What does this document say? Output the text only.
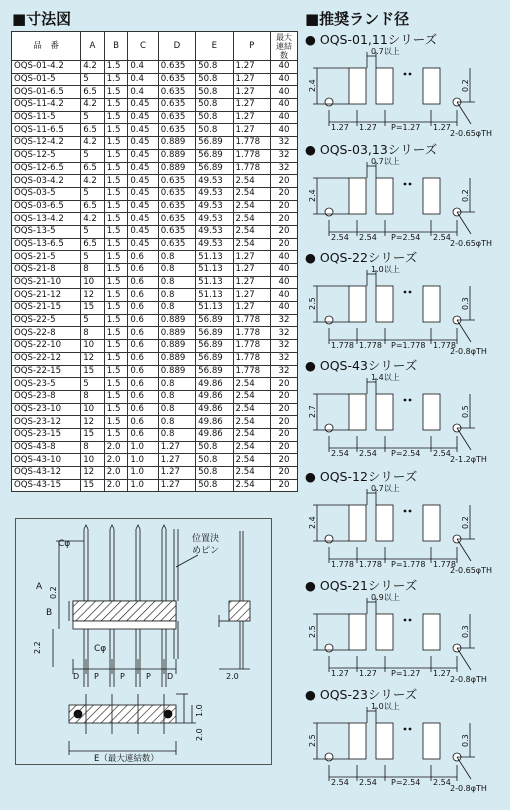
■寸法図	■推奨ランド径
品　番	A	B	C	D	E	P	最大連結数
OQS-01-4.2	4.2	1.5	0.4	0.635	50.8	1.27	40
OQS-01-5	5	1.5	0.4	0.635	50.8	1.27	40
OQS-01-6.5	6.5	1.5	0.4	0.635	50.8	1.27	40
OQS-11-4.2	4.2	1.5	0.45	0.635	50.8	1.27	40
OQS-11-5	5	1.5	0.45	0.635	50.8	1.27	40
OQS-11-6.5	6.5	1.5	0.45	0.635	50.8	1.27	40
OQS-12-4.2	4.2	1.5	0.45	0.889	56.89	1.778	32
OQS-12-5	5	1.5	0.45	0.889	56.89	1.778	32
OQS-12-6.5	6.5	1.5	0.45	0.889	56.89	1.778	32
OQS-03-4.2	4.2	1.5	0.45	0.635	49.53	2.54	20
OQS-03-5	5	1.5	0.45	0.635	49.53	2.54	20
OQS-03-6.5	6.5	1.5	0.45	0.635	49.53	2.54	20
OQS-13-4.2	4.2	1.5	0.45	0.635	49.53	2.54	20
OQS-13-5	5	1.5	0.45	0.635	49.53	2.54	20
OQS-13-6.5	6.5	1.5	0.45	0.635	49.53	2.54	20
OQS-21-5	5	1.5	0.6	0.8	51.13	1.27	40
OQS-21-8	8	1.5	0.6	0.8	51.13	1.27	40
OQS-21-10	10	1.5	0.6	0.8	51.13	1.27	40
OQS-21-12	12	1.5	0.6	0.8	51.13	1.27	40
OQS-21-15	15	1.5	0.6	0.8	51.13	1.27	40
OQS-22-5	5	1.5	0.6	0.889	56.89	1.778	32
OQS-22-8	8	1.5	0.6	0.889	56.89	1.778	32
OQS-22-10	10	1.5	0.6	0.889	56.89	1.778	32
OQS-22-12	12	1.5	0.6	0.889	56.89	1.778	32
OQS-22-15	15	1.5	0.6	0.889	56.89	1.778	32
OQS-23-5	5	1.5	0.6	0.8	49.86	2.54	20
OQS-23-8	8	1.5	0.6	0.8	49.86	2.54	20
OQS-23-10	10	1.5	0.6	0.8	49.86	2.54	20
OQS-23-12	12	1.5	0.6	0.8	49.86	2.54	20
OQS-23-15	15	1.5	0.6	0.8	49.86	2.54	20
OQS-43-8	8	2.0	1.0	1.27	50.8	2.54	20
OQS-43-10	10	2.0	1.0	1.27	50.8	2.54	20
OQS-43-12	12	2.0	1.0	1.27	50.8	2.54	20
OQS-43-15	15	2.0	1.0	1.27	50.8	2.54	20
Cφ
Cφ
位置決
めピン
A
B
0.2
2.2
D P	P	P D	2.0
1.0
2.0
E（最大連結数）
● OQS-01,11シリーズ
0.7以上
2.4	0.2
1.27 1.27 P=1.27 1.27
2-0.65φTH
● OQS-03,13シリーズ
0.7以上
2.4	0.2
2.54 2.54 P=2.54 2.54
2-0.65φTH
● OQS-22シリーズ
1.0以上
2.5	0.3
1.778 1.778 P=1.778 1.778
2-0.8φTH
● OQS-43シリーズ
1.4以上
2.7	0.5
2.54 2.54 P=2.54 2.54
2-1.2φTH
● OQS-12シリーズ
0.7以上
2.4	0.2
1.778 1.778 P=1.778 1.778
2-0.65φTH
● OQS-21シリーズ
0.9以上
2.5	0.3
1.27 1.27 P=1.27 1.27
2-0.8φTH
● OQS-23シリーズ
1.0以上
2.5	0.3
2.54 2.54 P=2.54 2.54
2-0.8φTH
